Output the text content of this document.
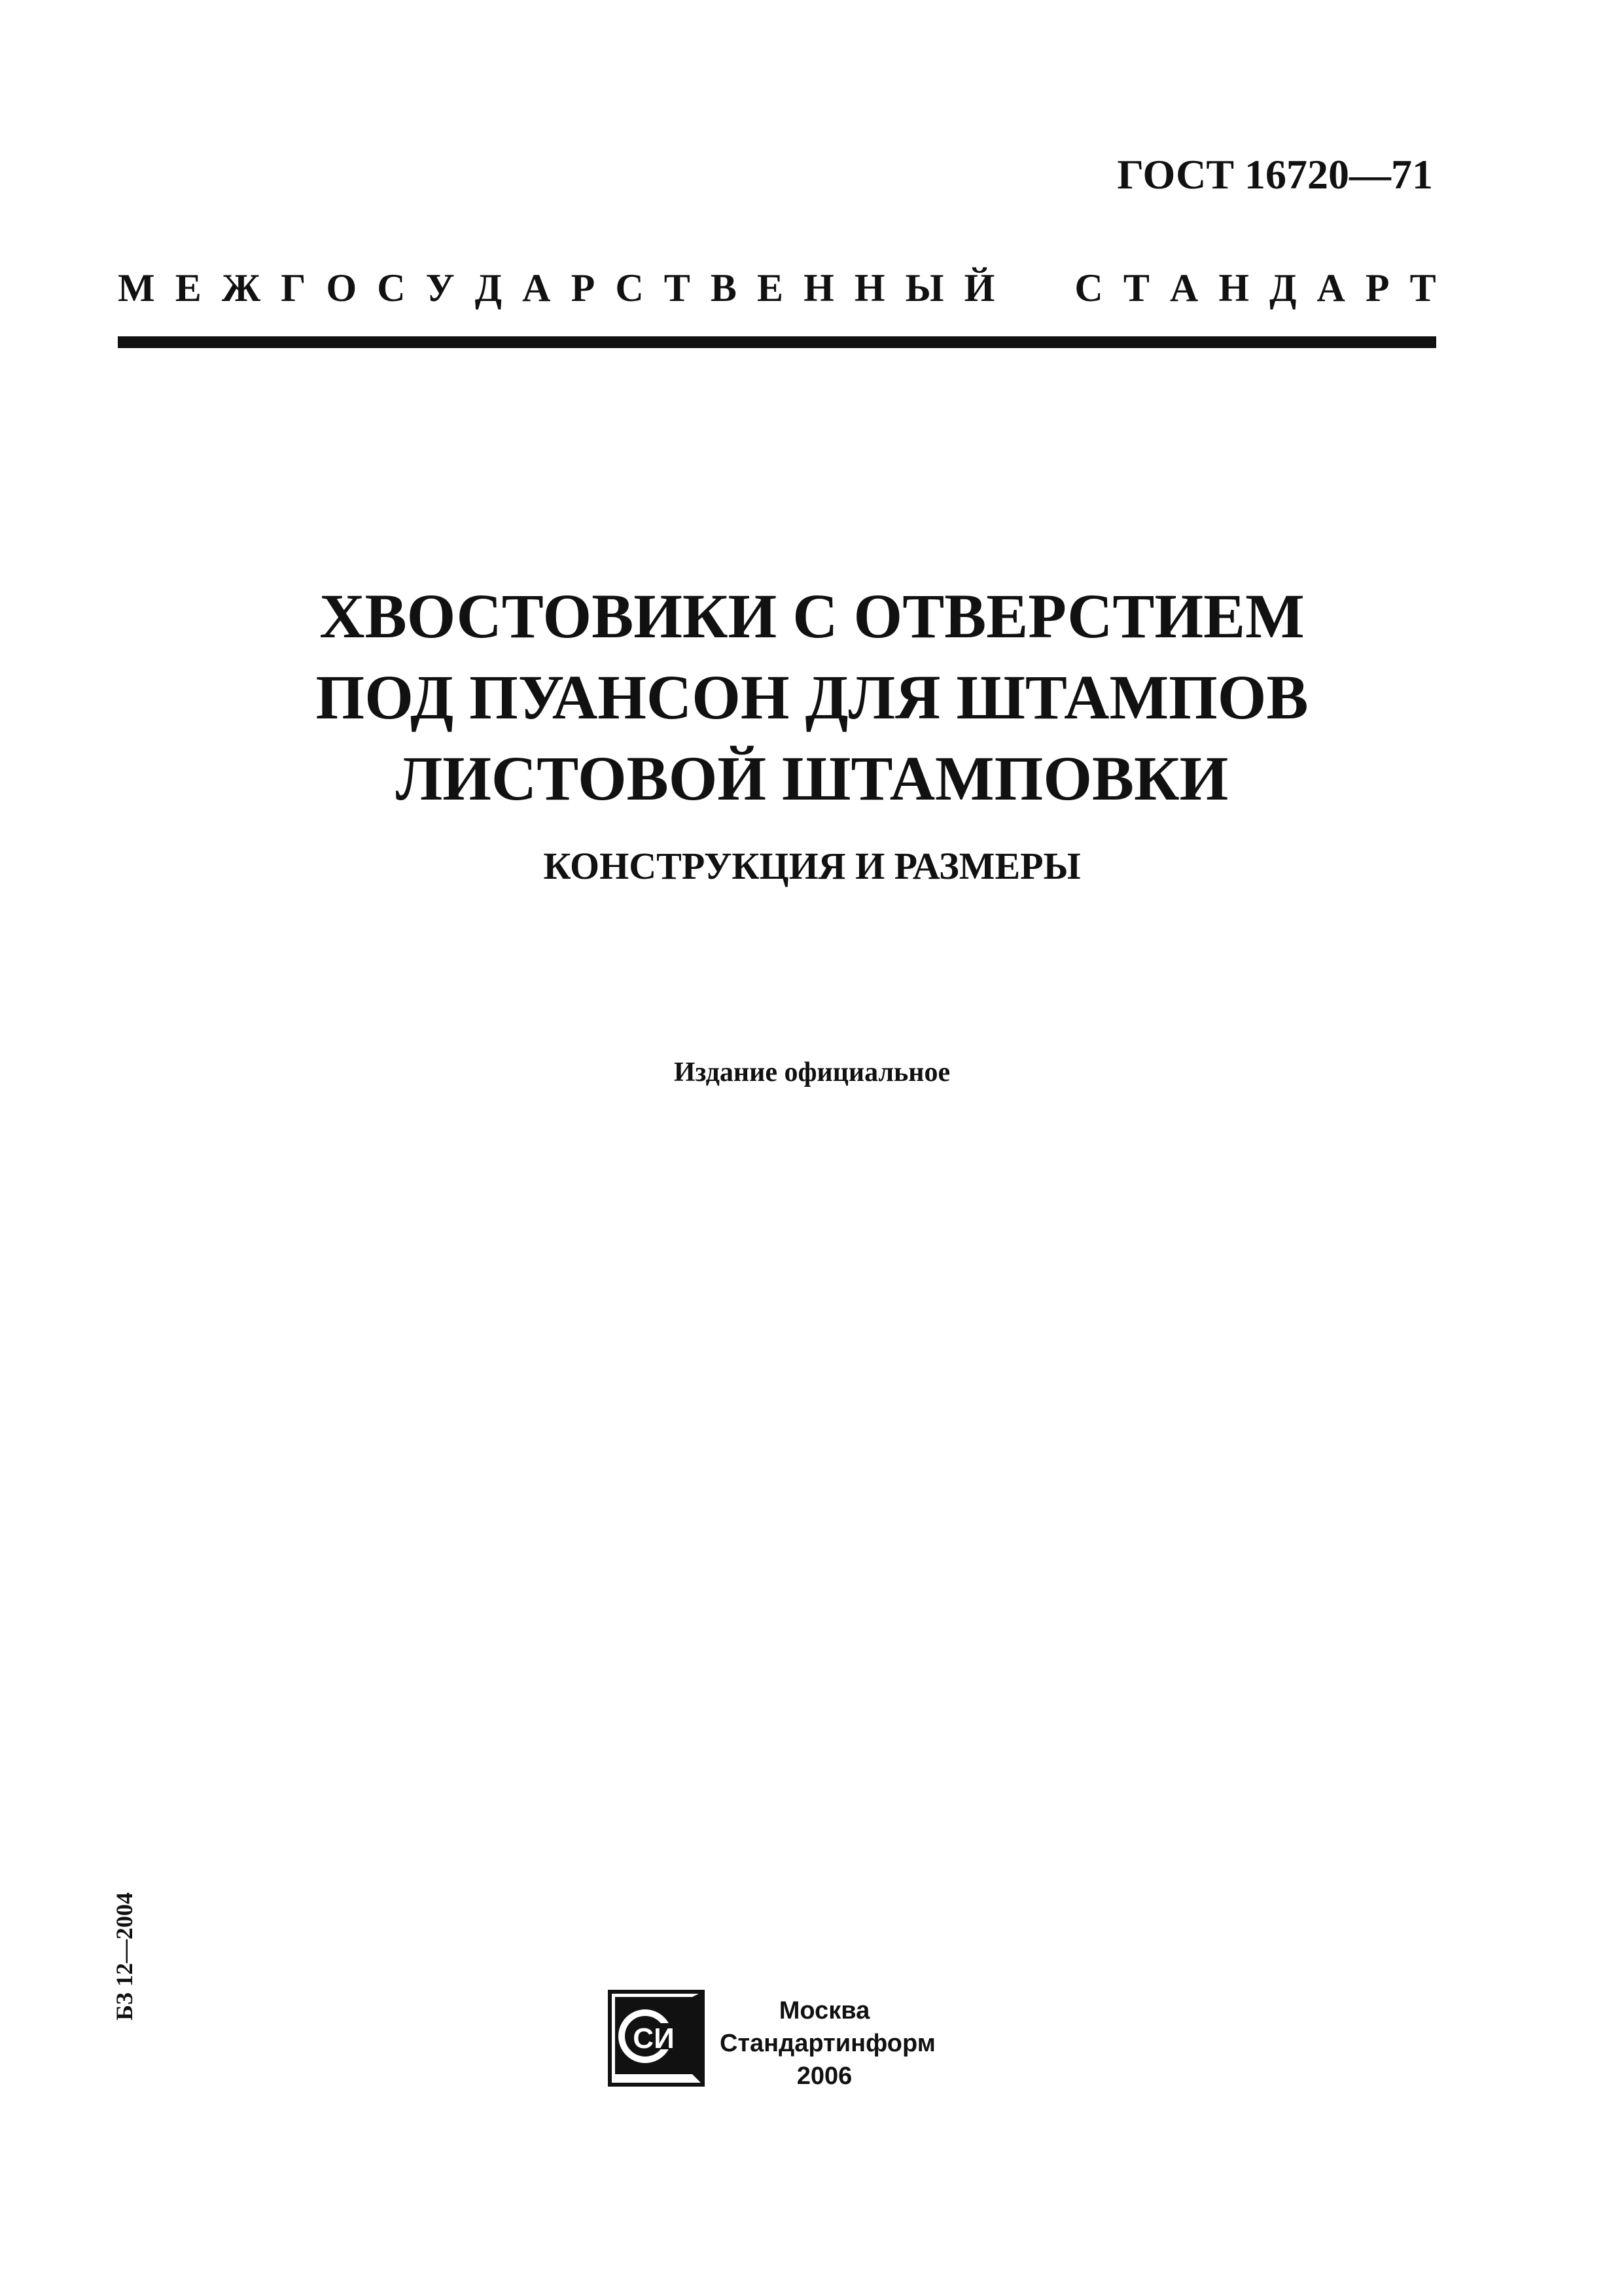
ГОСТ 16720—71
М Е Ж Г О С У Д А Р С Т В Е Н Н Ы Й С Т А Н Д А Р Т
ХВОСТОВИКИ С ОТВЕРСТИЕМ
ПОД ПУАНСОН ДЛЯ ШТАМПОВ
ЛИСТОВОЙ ШТАМПОВКИ
КОНСТРУКЦИЯ И РАЗМЕРЫ
Издание официальное
БЗ 12—2004
СИ
Москва
Стандартинформ
2006
